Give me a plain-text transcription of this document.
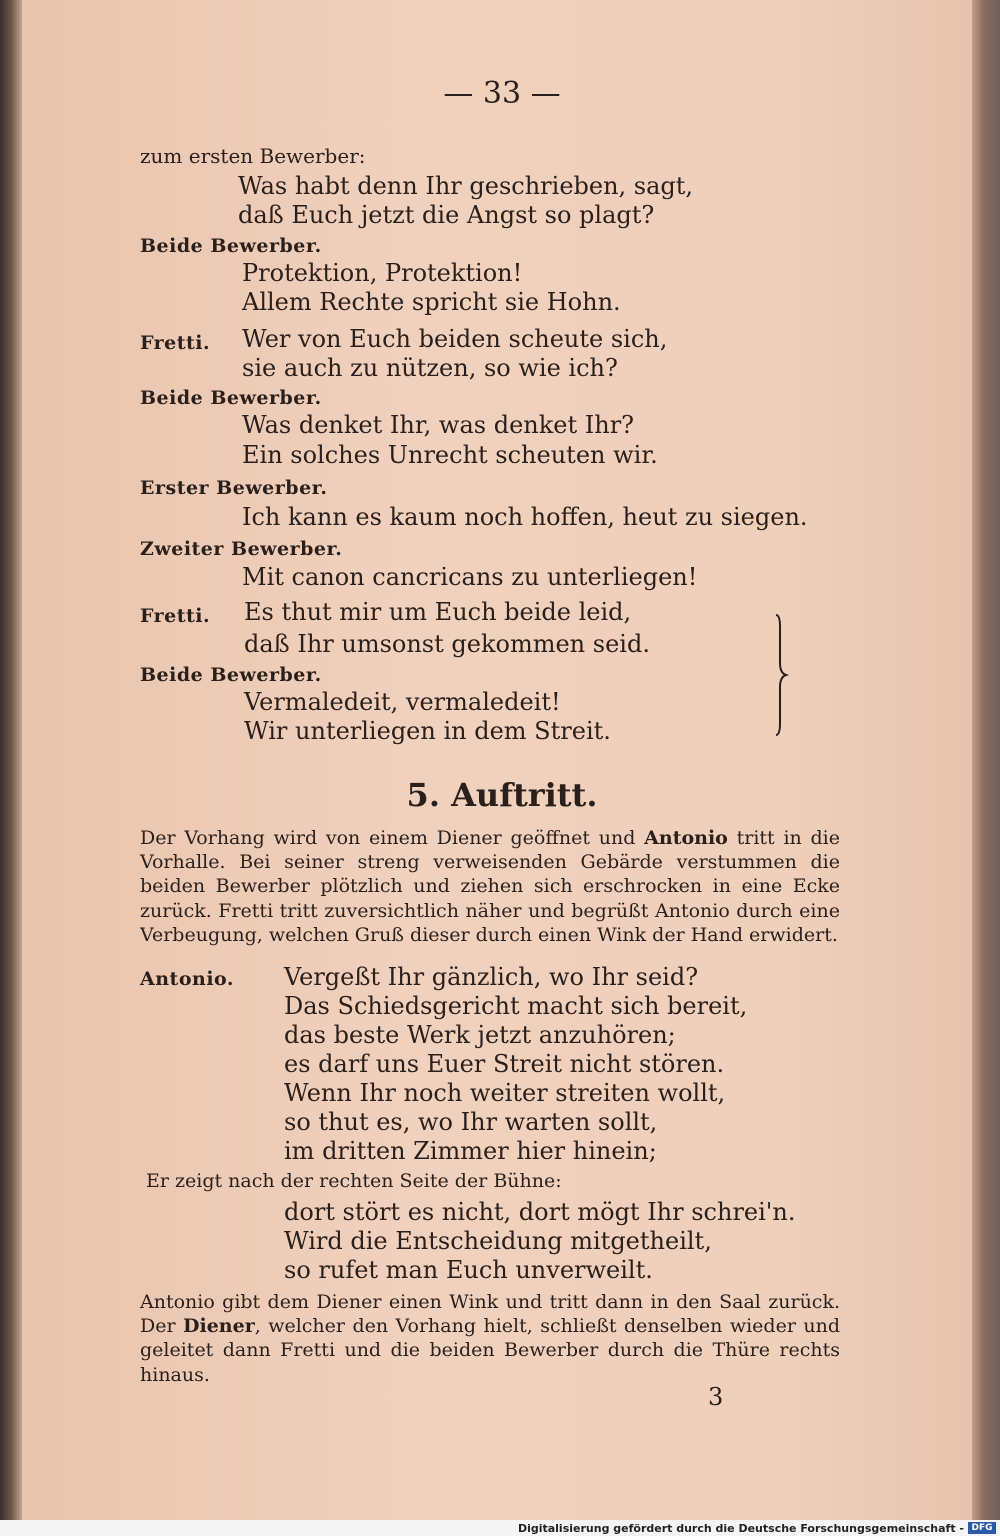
— 33 —
zum ersten Bewerber:
Was habt denn Ihr geschrieben, sagt,
daß Euch jetzt die Angst so plagt?
Beide Bewerber.
Protektion, Protektion!
Allem Rechte spricht sie Hohn.
Fretti. Wer von Euch beiden scheute sich,
sie auch zu nützen, so wie ich?
Beide Bewerber.
Was denket Ihr, was denket Ihr?
Ein solches Unrecht scheuten wir.
Erster Bewerber.
Ich kann es kaum noch hoffen, heut zu siegen.
Zweiter Bewerber.
Mit canon cancricans zu unterliegen!
Fretti. Es thut mir um Euch beide leid,
daß Ihr umsonst gekommen seid.
Beide Bewerber.
Vermaledeit, vermaledeit!
Wir unterliegen in dem Streit.
5. Auftritt.
Der Vorhang wird von einem Diener geöffnet und Antonio tritt in die Vorhalle. Bei seiner streng verweisenden Gebärde verstummen die beiden Bewerber plötzlich und ziehen sich erschrocken in eine Ecke zurück. Fretti tritt zuversichtlich näher und begrüßt Antonio durch eine Verbeugung, welchen Gruß dieser durch einen Wink der Hand erwidert.
Antonio. Vergeßt Ihr gänzlich, wo Ihr seid?
Das Schiedsgericht macht sich bereit,
das beste Werk jetzt anzuhören;
es darf uns Euer Streit nicht stören.
Wenn Ihr noch weiter streiten wollt,
so thut es, wo Ihr warten sollt,
im dritten Zimmer hier hinein;
Er zeigt nach der rechten Seite der Bühne:
dort stört es nicht, dort mögt Ihr schrei'n.
Wird die Entscheidung mitgetheilt,
so rufet man Euch unverweilt.
Antonio gibt dem Diener einen Wink und tritt dann in den Saal zurück. Der Diener, welcher den Vorhang hielt, schließt denselben wieder und geleitet dann Fretti und die beiden Bewerber durch die Thüre rechts hinaus.
3
Digitalisierung gefördert durch die Deutsche Forschungsgemeinschaft - DFG
